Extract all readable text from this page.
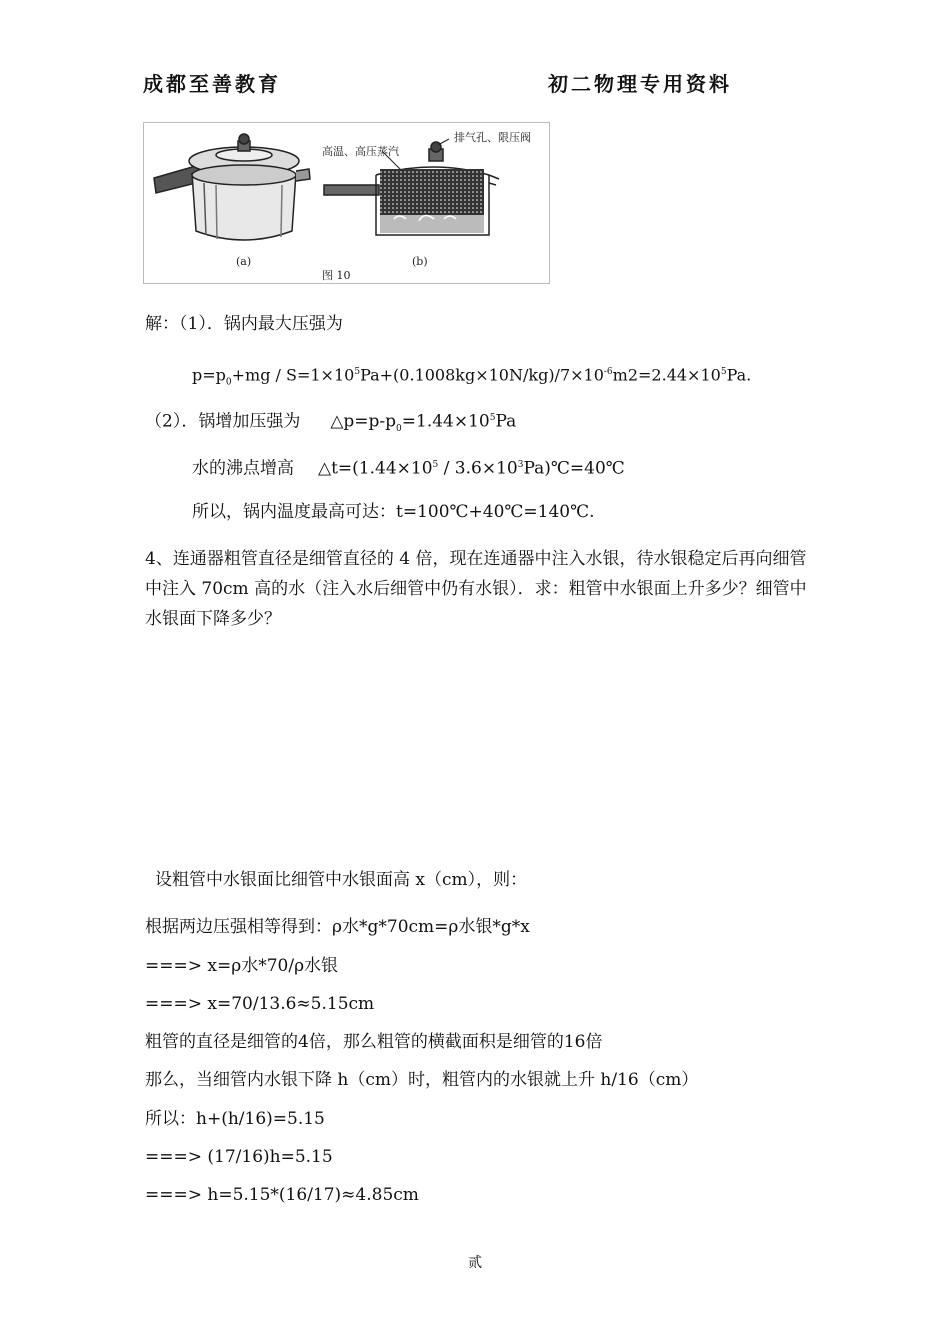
成都至善教育	初二物理专用资料
(a)
高温、高压蒸汽
排气孔、限压阀
(b)
图 10
解：（1）．锅内最大压强为
$p=p_0+mg / S=1\times 10^5Pa+(0.1008kg\times 10N/kg)/7\times 10^{-6}m2=2.44\times 10^5Pa$.
（2）．锅增加压强为 $\triangle p=p-p_0=1.44\times 10^5Pa$
水的沸点增高 $\triangle t=(1.44\times 10^5$ / $3.6\times 10^3Pa)℃=40℃$
所以，锅内温度最高可达：t=100℃+40℃=140℃.
4、连通器粗管直径是细管直径的 4 倍，现在连通器中注入水银，待水银稳定后再向细管中注入 70cm 高的水（注入水后细管中仍有水银）．求：粗管中水银面上升多少？细管中水银面下降多少？
设粗管中水银面比细管中水银面高 x（cm），则：
根据两边压强相等得到：ρ水*g*70cm=ρ水银*g*x
===> x=ρ水*70/ρ水银
===> x=70/13.6≈5.15cm
粗管的直径是细管的4倍，那么粗管的横截面积是细管的16倍
那么，当细管内水银下降 h（cm）时，粗管内的水银就上升 h/16（cm）
所以：h+(h/16)=5.15
===> (17/16)h=5.15
===> h=5.15*(16/17)≈4.85cm
贰
